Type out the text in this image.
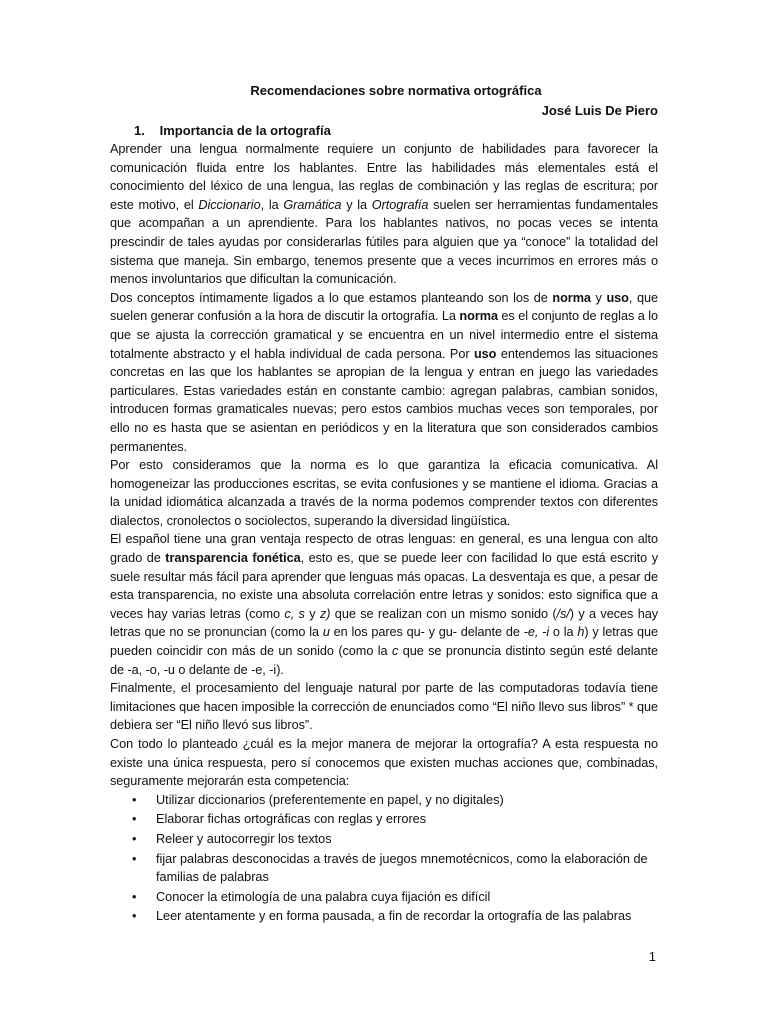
Recomendaciones sobre normativa ortográfica
José Luis De Piero
1. Importancia de la ortografía

Aprender una lengua normalmente requiere un conjunto de habilidades para favorecer la comunicación fluida entre los hablantes. Entre las habilidades más elementales está el conocimiento del léxico de una lengua, las reglas de combinación y las reglas de escritura; por este motivo, el Diccionario, la Gramática y la Ortografía suelen ser herramientas fundamentales que acompañan a un aprendiente. Para los hablantes nativos, no pocas veces se intenta prescindir de tales ayudas por considerarlas fútiles para alguien que ya “conoce” la totalidad del sistema que maneja. Sin embargo, tenemos presente que a veces incurrimos en errores más o menos involuntarios que dificultan la comunicación.

Dos conceptos íntimamente ligados a lo que estamos planteando son los de norma y uso, que suelen generar confusión a la hora de discutir la ortografía. La norma es el conjunto de reglas a lo que se ajusta la corrección gramatical y se encuentra en un nivel intermedio entre el sistema totalmente abstracto y el habla individual de cada persona. Por uso entendemos las situaciones concretas en las que los hablantes se apropian de la lengua y entran en juego las variedades particulares. Estas variedades están en constante cambio: agregan palabras, cambian sonidos, introducen formas gramaticales nuevas; pero estos cambios muchas veces son temporales, por ello no es hasta que se asientan en periódicos y en la literatura que son considerados cambios permanentes.

Por esto consideramos que la norma es lo que garantiza la eficacia comunicativa. Al homogeneizar las producciones escritas, se evita confusiones y se mantiene el idioma. Gracias a la unidad idiomática alcanzada a través de la norma podemos comprender textos con diferentes dialectos, cronolectos o sociolectos, superando la diversidad lingüística.

El español tiene una gran ventaja respecto de otras lenguas: en general, es una lengua con alto grado de transparencia fonética, esto es, que se puede leer con facilidad lo que está escrito y suele resultar más fácil para aprender que lenguas más opacas. La desventaja es que, a pesar de esta transparencia, no existe una absoluta correlación entre letras y sonidos: esto significa que a veces hay varias letras (como c, s y z) que se realizan con un mismo sonido (/s/) y a veces hay letras que no se pronuncian (como la u en los pares qu- y gu- delante de -e, -i o la h) y letras que pueden coincidir con más de un sonido (como la c que se pronuncia distinto según esté delante de -a, -o, -u o delante de -e, -i).

Finalmente, el procesamiento del lenguaje natural por parte de las computadoras todavía tiene limitaciones que hacen imposible la corrección de enunciados como “El niño llevo sus libros” * que debiera ser “El niño llevó sus libros”.

Con todo lo planteado ¿cuál es la mejor manera de mejorar la ortografía? A esta respuesta no existe una única respuesta, pero sí conocemos que existen muchas acciones que, combinadas, seguramente mejorarán esta competencia:

• Utilizar diccionarios (preferentemente en papel, y no digitales)
• Elaborar fichas ortográficas con reglas y errores
• Releer y autocorregir los textos
• fijar palabras desconocidas a través de juegos mnemotécnicos, como la elaboración de familias de palabras
• Conocer la etimología de una palabra cuya fijación es difícil
• Leer atentamente y en forma pausada, a fin de recordar la ortografía de las palabras
1
